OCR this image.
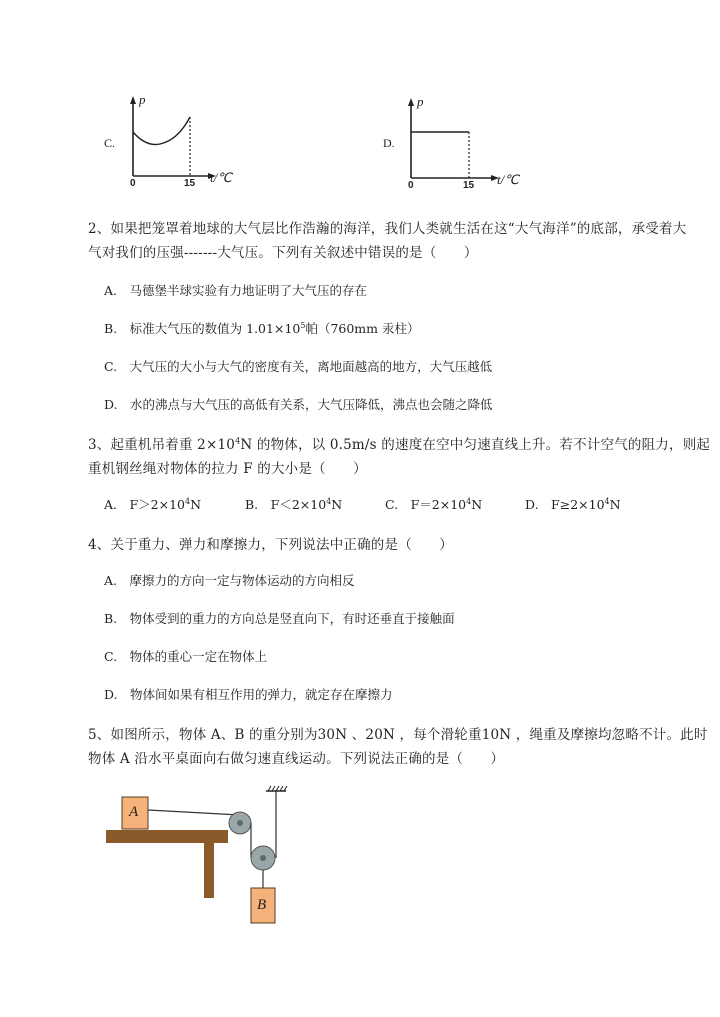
C.
p
t/℃
0	15
D.
p
t/℃
0	15
2、如果把笼罩着地球的大气层比作浩瀚的海洋，我们人类就生活在这“大气海洋”的底部，承受着大
气对我们的压强-------大气压。下列有关叙述中错误的是（　　）
A.　马德堡半球实验有力地证明了大气压的存在
B.　标准大气压的数值为 $1.01\times 10^5$帕（760mm 汞柱）
C.　大气压的大小与大气的密度有关，离地面越高的地方，大气压越低
D.　水的沸点与大气压的高低有关系，大气压降低，沸点也会随之降低
3、起重机吊着重 $2\times 10^4N$ 的物体，以 0.5m/s 的速度在空中匀速直线上升。若不计空气的阻力，则起
重机钢丝绳对物体的拉力 F 的大小是（　　）
A.　$F>2\times 10^4N$	B.　$F<2\times 10^4N$	C.　$F=2\times 10^4N$	D.　$F\ge 2\times 10^4N$
4、关于重力、弹力和摩擦力，下列说法中正确的是（　　）
A.　摩擦力的方向一定与物体运动的方向相反
B.　物体受到的重力的方向总是竖直向下，有时还垂直于接触面
C.　物体的重心一定在物体上
D.　物体间如果有相互作用的弹力，就定存在摩擦力
5、如图所示，物体 A、B 的重分别为30N 、20N ，每个滑轮重10N ，绳重及摩擦均忽略不计。此时
物体 A 沿水平桌面向右做匀速直线运动。下列说法正确的是（　　）
A
B
